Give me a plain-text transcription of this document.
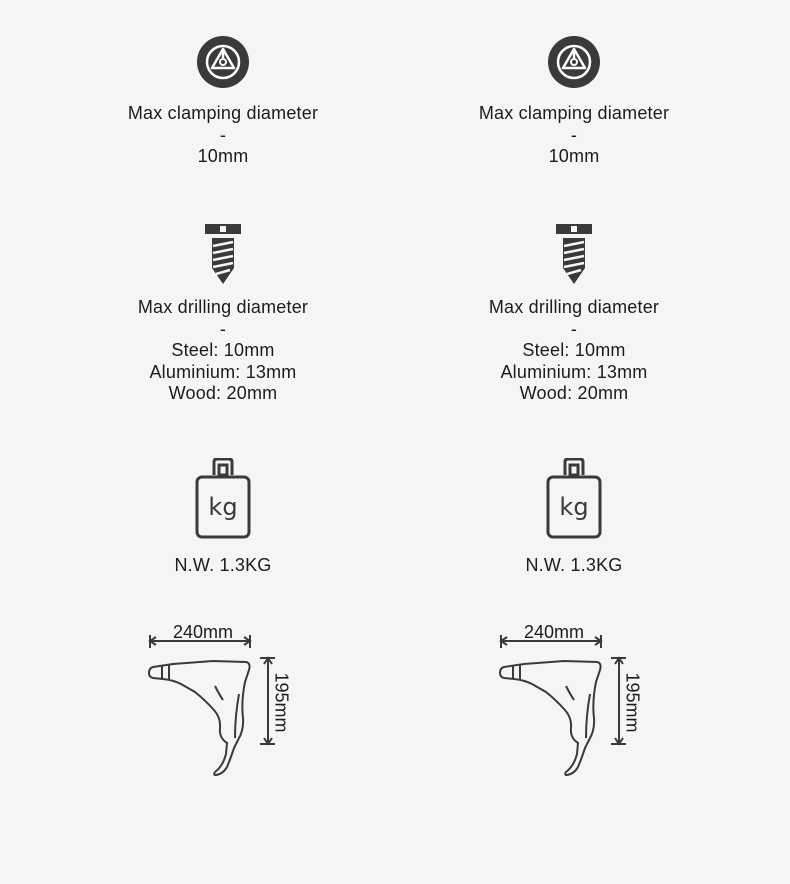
Max clamping diameter
-
10mm
Max drilling diameter
-
Steel: 10mm
Aluminium: 13mm
Wood: 20mm
kg
N.W. 1.3KG
240mm
195mm
Max clamping diameter
-
10mm
Max drilling diameter
-
Steel: 10mm
Aluminium: 13mm
Wood: 20mm
kg
N.W. 1.3KG
240mm
195mm
